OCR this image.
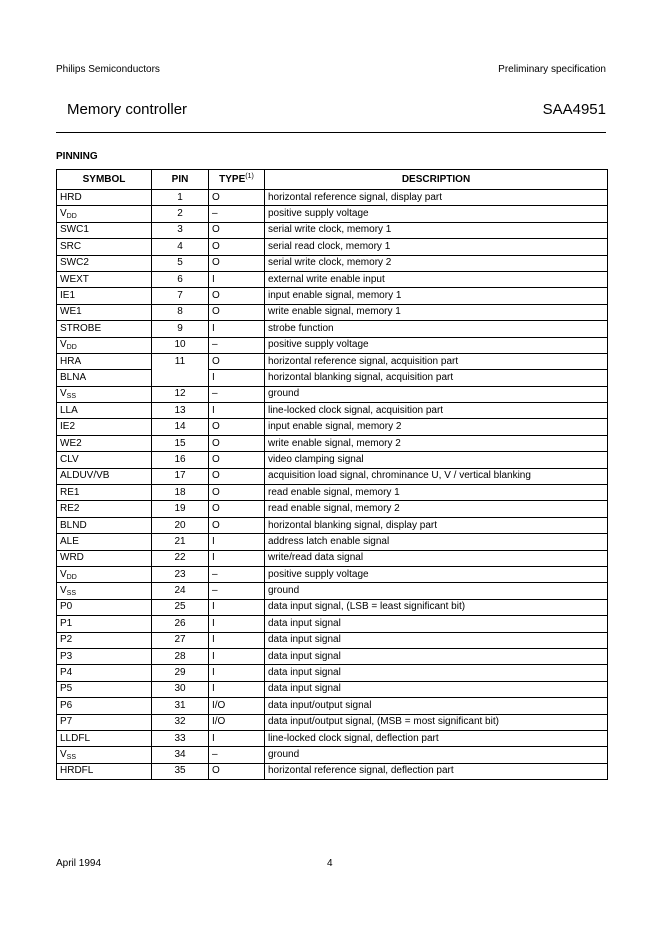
Philips Semiconductors	Preliminary specification
Memory controller	SAA4951
PINNING
SYMBOL	PIN	TYPE$^{(1)}$	DESCRIPTION
HRD	1	O	horizontal reference signal, display part
$V_{DD}$	2	–	positive supply voltage
SWC1	3	O	serial write clock, memory 1
SRC	4	O	serial read clock, memory 1
SWC2	5	O	serial write clock, memory 2
WEXT	6	I	external write enable input
IE1	7	O	input enable signal, memory 1
WE1	8	O	write enable signal, memory 1
STROBE	9	I	strobe function
$V_{DD}$	10	–	positive supply voltage
HRA	11	O	horizontal reference signal, acquisition part
BLNA		I	horizontal blanking signal, acquisition part
$V_{SS}$	12	–	ground
LLA	13	I	line-locked clock signal, acquisition part
IE2	14	O	input enable signal, memory 2
WE2	15	O	write enable signal, memory 2
CLV	16	O	video clamping signal
ALDUV/VB	17	O	acquisition load signal, chrominance U, V / vertical blanking
RE1	18	O	read enable signal, memory 1
RE2	19	O	read enable signal, memory 2
BLND	20	O	horizontal blanking signal, display part
ALE	21	I	address latch enable signal
WRD	22	I	write/read data signal
$V_{DD}$	23	–	positive supply voltage
$V_{SS}$	24	–	ground
P0	25	I	data input signal, (LSB = least significant bit)
P1	26	I	data input signal
P2	27	I	data input signal
P3	28	I	data input signal
P4	29	I	data input signal
P5	30	I	data input signal
P6	31	I/O	data input/output signal
P7	32	I/O	data input/output signal, (MSB = most significant bit)
LLDFL	33	I	line-locked clock signal, deflection part
$V_{SS}$	34	–	ground
HRDFL	35	O	horizontal reference signal, deflection part
April 1994	4
